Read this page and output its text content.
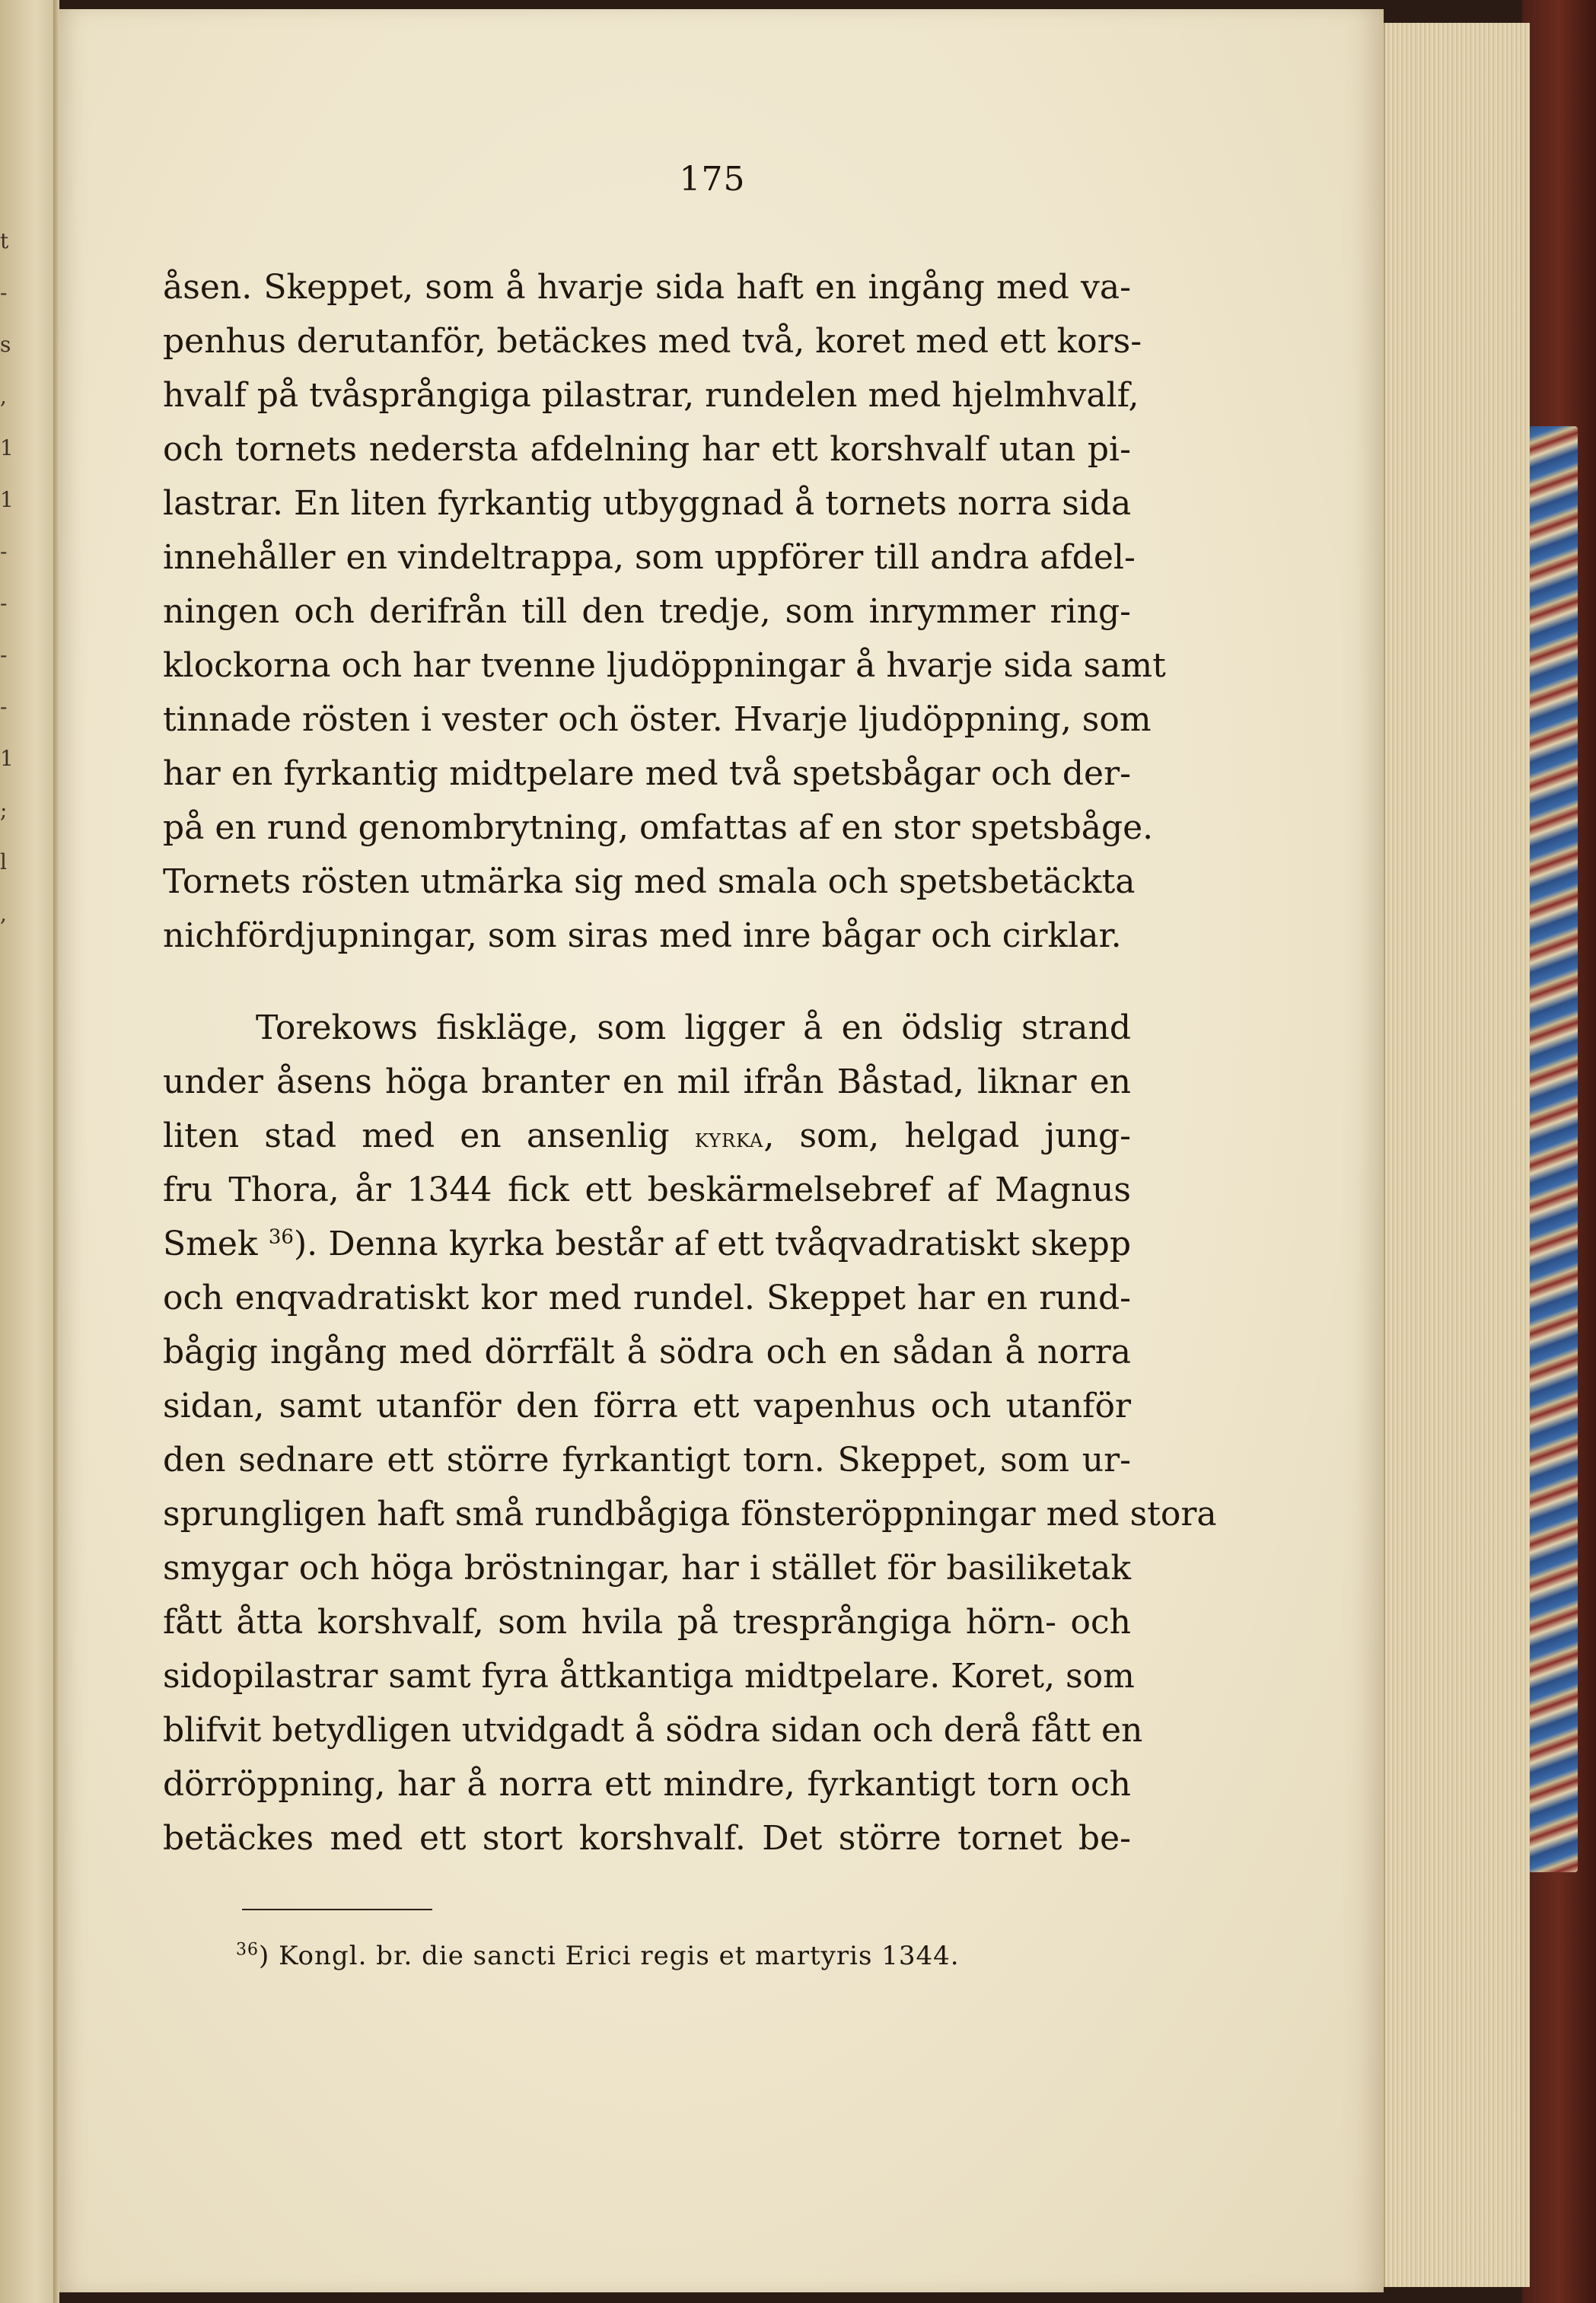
t
-
s
,
1
1
-
-
-
-
1
;
l
,
175
åsen. Skeppet, som å hvarje sida haft en ingång med va-
penhus derutanför, betäckes med två, koret med ett kors-
hvalf på tvåsprångiga pilastrar, rundelen med hjelmhvalf,
och tornets nedersta afdelning har ett korshvalf utan pi-
lastrar. En liten fyrkantig utbyggnad å tornets norra sida
innehåller en vindeltrappa, som uppförer till andra afdel-
ningen och derifrån till den tredje, som inrymmer ring-
klockorna och har tvenne ljudöppningar å hvarje sida samt
tinnade rösten i vester och öster. Hvarje ljudöppning, som
har en fyrkantig midtpelare med två spetsbågar och der-
på en rund genombrytning, omfattas af en stor spetsbåge.
Tornets rösten utmärka sig med smala och spetsbetäckta
nichfördjupningar, som siras med inre bågar och cirklar.
Torekows fiskläge, som ligger å en ödslig strand
under åsens höga branter en mil ifrån Båstad, liknar en
liten stad med en ansenlig kyrka, som, helgad jung-
fru Thora, år 1344 fick ett beskärmelsebref af Magnus
Smek $^{36}$). Denna kyrka består af ett tvåqvadratiskt skepp
och enqvadratiskt kor med rundel. Skeppet har en rund-
bågig ingång med dörrfält å södra och en sådan å norra
sidan, samt utanför den förra ett vapenhus och utanför
den sednare ett större fyrkantigt torn. Skeppet, som ur-
sprungligen haft små rundbågiga fönsteröppningar med stora
smygar och höga bröstningar, har i stället för basiliketak
fått åtta korshvalf, som hvila på tresprångiga hörn- och
sidopilastrar samt fyra åttkantiga midtpelare. Koret, som
blifvit betydligen utvidgadt å södra sidan och derå fått en
dörröppning, har å norra ett mindre, fyrkantigt torn och
betäckes med ett stort korshvalf. Det större tornet be-
$^{36}$) Kongl. br. die sancti Erici regis et martyris 1344.
